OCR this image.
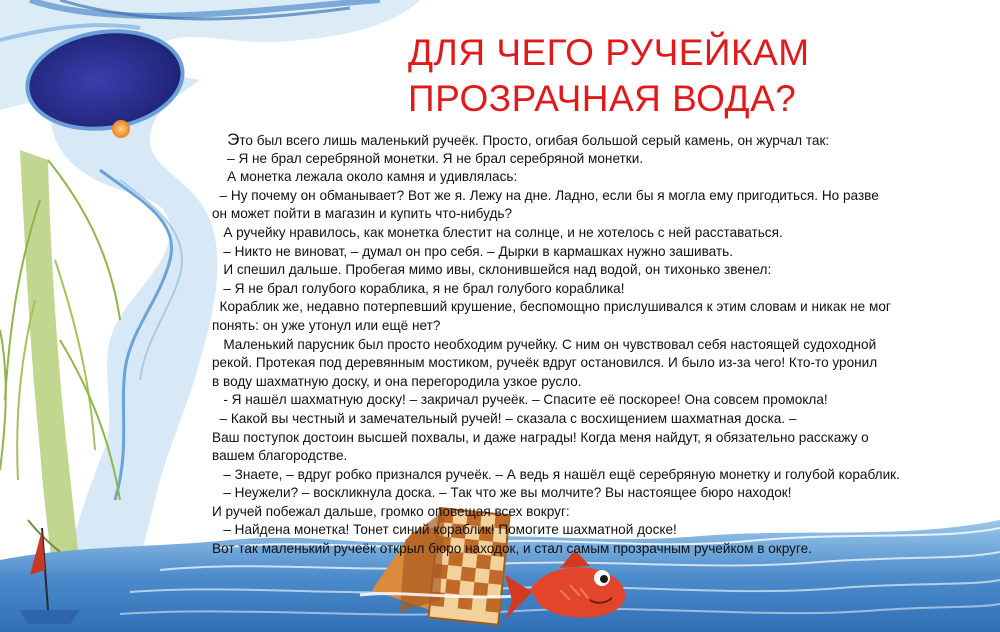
ДЛЯ ЧЕГО РУЧЕЙКАМ
ПРОЗРАЧНАЯ ВОДА?
Это был всего лишь маленький ручеёк. Просто, огибая большой серый камень, он журчал так:
– Я не брал серебряной монетки. Я не брал серебряной монетки.
А монетка лежала около камня и удивлялась:
– Ну почему он обманывает? Вот же я. Лежу на дне. Ладно, если бы я могла ему пригодиться. Но разве
он может пойти в магазин и купить что-нибудь?
А ручейку нравилось, как монетка блестит на солнце, и не хотелось с ней расставаться.
– Никто не виноват, – думал он про себя. – Дырки в кармашках нужно зашивать.
И спешил дальше. Пробегая мимо ивы, склонившейся над водой, он тихонько звенел:
– Я не брал голубого кораблика, я не брал голубого кораблика!
Кораблик же, недавно потерпевший крушение, беспомощно прислушивался к этим словам и никак не мог
понять: он уже утонул или ещё нет?
Маленький парусник был просто необходим ручейку. С ним он чувствовал себя настоящей судоходной
рекой. Протекая под деревянным мостиком, ручеёк вдруг остановился. И было из-за чего! Кто-то уронил
в воду шахматную доску, и она перегородила узкое русло.
- Я нашёл шахматную доску! – закричал ручеёк. – Спасите её поскорее! Она совсем промокла!
– Какой вы честный и замечательный ручей! – сказала с восхищением шахматная доска. –
Ваш поступок достоин высшей похвалы, и даже награды! Когда меня найдут, я обязательно расскажу о
вашем благородстве.
– Знаете, – вдруг робко признался ручеёк. – А ведь я нашёл ещё серебряную монетку и голубой кораблик.
– Неужели? – воскликнула доска. – Так что же вы молчите? Вы настоящее бюро находок!
И ручей побежал дальше, громко оповещая всех вокруг:
– Найдена монетка! Тонет синий кораблик! Помогите шахматной доске!
Вот так маленький ручеёк открыл бюро находок, и стал самым прозрачным ручейком в округе.
